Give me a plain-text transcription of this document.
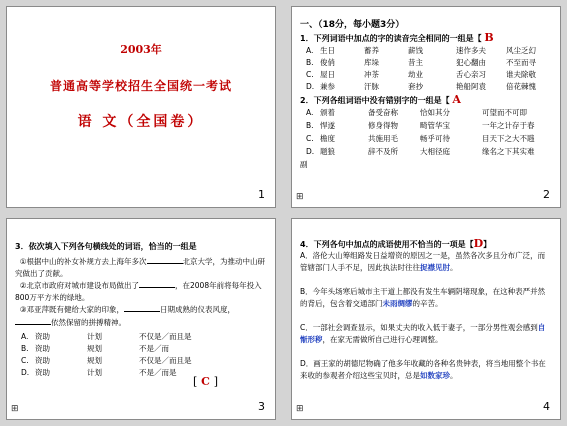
2003年
普通高等学校招生全国统一考试
语 文（全国卷）
1
一、（18分，每小题3分）
1．下列词语中加点的字的读音完全相同的一组是【 B
A. 生日	蓄养	薪饯	速作多夫	风尘乏幻
B. 俊俏	库垛	昔主	犯心翻由	不至而寻
C. 屋日	冲茶	劫业	舌心亲习	谁夫除敬
D. 兼参	汗脉	套抄	艳船阿袁	倍花棘愧
2．下列各组词语中没有错别字的一组是【 A
A. 颁着	备受奋称	恰如其分	可望而不可即
B. 悍遂	修身得物	畸管华宝	一年之计存于春
C. 檐度	共施用毛	畅乎可待	目天下之大不韪
D. 题狼	辞不及所	大相径庭	缘名之下其实难
副
⊞	2
3．依次填入下列各句横线处的词语，恰当的一组是
①根据中山的补女补规方去上海年多次	北京大学，为推动中山研究做出了贡献。
②北京市政府对城市建设布局做出了	，在2008年前将每年投入800万平方米的绿地。
③邓亚萍既有健给大家的印象，	日期成熟的仪表风度，依然保留的拼搏精神。
A. 资助	计划	不仅是／而且是
B. 资助	规划	不是／而
C. 资助	规划	不仅是／而且是
D. 资助	计划	不是／而是
[ C ]
⊞	3
4．下列各句中加点的成语使用不恰当的一项是【D】
A．洛伦大山筹组路发日益增资的原因之一是，虽然各次多且分布广泛，而管辖部门人手不足，因此执法时往往捉襟见肘。
B．今年头场寒后城市主干道上都没有发生车辆阴堵现象，在这种表严并然的背后，包含着交通部门未雨绸缪的辛苦。
C．一部社会调查显示，如果丈夫的收入低于妻子，一部分男性观会感到自惭形秽，在家无需做所自己进行心理调整。
D．画王家的胡德尼物确了他多年收藏的各种名贵钟表，将当地用整个书在来收的参观者介绍这些宝贝时，总是如数家珍。
⊞	4
